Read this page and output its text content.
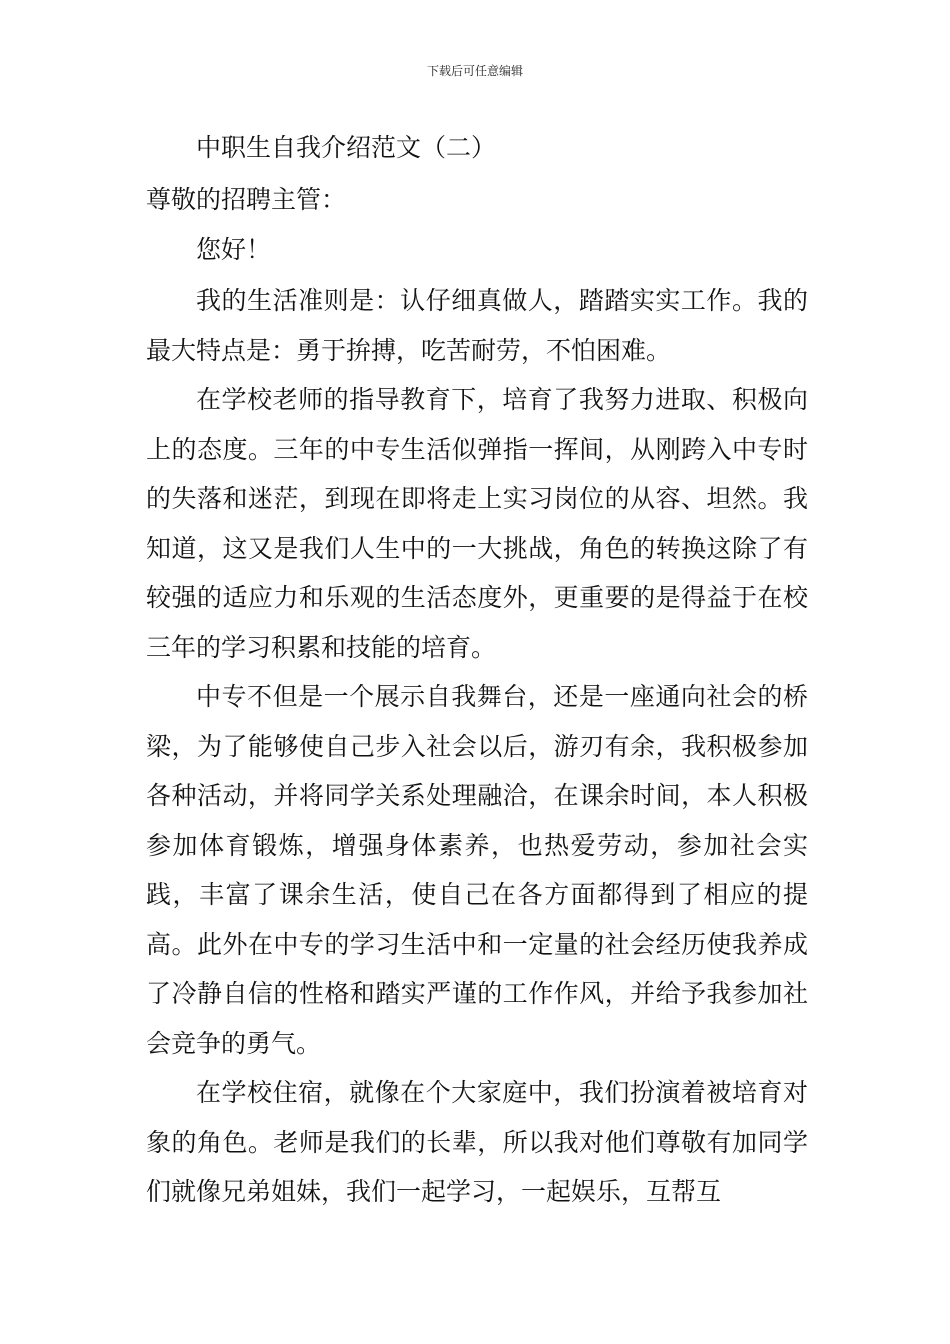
下载后可任意编辑
中职生自我介绍范文（二）
尊敬的招聘主管：
您好！

我的生活准则是：认仔细真做人，踏踏实实工作。我的最大特点是：勇于拚搏，吃苦耐劳，不怕困难。

在学校老师的指导教育下，培育了我努力进取、积极向上的态度。三年的中专生活似弹指一挥间，从刚跨入中专时的失落和迷茫，到现在即将走上实习岗位的从容、坦然。我知道，这又是我们人生中的一大挑战，角色的转换这除了有较强的适应力和乐观的生活态度外，更重要的是得益于在校三年的学习积累和技能的培育。

中专不但是一个展示自我舞台，还是一座通向社会的桥梁，为了能够使自己步入社会以后，游刃有余，我积极参加各种活动，并将同学关系处理融洽，在课余时间，本人积极参加体育锻炼，增强身体素养，也热爱劳动，参加社会实践，丰富了课余生活，使自己在各方面都得到了相应的提高。此外在中专的学习生活中和一定量的社会经历使我养成了冷静自信的性格和踏实严谨的工作作风，并给予我参加社会竞争的勇气。

在学校住宿，就像在个大家庭中，我们扮演着被培育对象的角色。老师是我们的长辈，所以我对他们尊敬有加同学们就像兄弟姐妹，我们一起学习，一起娱乐，互帮互
